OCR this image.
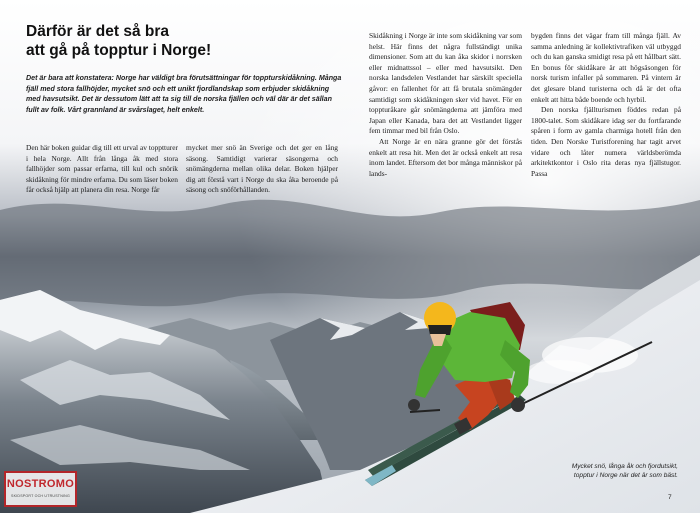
Därför är det så bra
att gå på topptur i Norge!

Det är bara att konstatera: Norge har väldigt bra förutsättningar för toppturskidåkning. Många fjäll med stora fallhöjder, mycket snö och ett unikt fjordlandskap som erbjuder skidåkning med havsutsikt. Det är dessutom lätt att ta sig till de norska fjällen och väl där är det sällan fullt av folk. Vårt grannland är svårslaget, helt enkelt.

Den här boken guidar dig till ett urval av topptturer i hela Norge. Allt från långa åk med stora fallhöjder som passar erfarna, till kul och snörik skidåkning för mindre erfarna. Du som läser boken får också hjälp att planera din resa. Norge får

mycket mer snö än Sverige och det ger en lång säsong. Samtidigt varierar säsongerna och snömängderna mellan olika delar. Boken hjälper dig att förstå vart i Norge du ska åka beroende på säsong och snöförhållanden.

Skidåkning i Norge är inte som skidåkning var som helst. Här finns det några fullständigt unika dimensioner. Som att du kan åka skidor i norrsken eller midnattssol – eller med havsutsikt. Den norska landsdelen Vestlandet har särskilt speciella gåvor: en fallenhet för att få brutala snömängder samtidigt som skidåkningen sker vid havet. För en toppturåkare går snömängderna att jämföra med Japan eller Kanada, bara det att Vestlandet ligger fem timmar med bil från Oslo.

Att Norge är en nära granne gör det förstås enkelt att resa hit. Men det är också enkelt att resa inom landet. Eftersom det bor många människor på lands-

bygden finns det vägar fram till många fjäll. Av samma anledning är kollektivtrafiken väl utbyggd och du kan ganska smidigt resa på ett hållbart sätt. En bonus för skidåkare är att högsäsongen för norsk turism infaller på sommaren. På vintern är det glesare bland turisterna och då är det ofta enkelt att hitta både boende och hyrbil.

Den norska fjällturismen föddes redan på 1800-talet. Som skidåkare idag ser du fortfarande spåren i form av gamla charmiga hotell från den tiden. Den Norske Turistforening har tagit arvet vidare och låter numera världsberömda arkitektkontor i Oslo rita deras nya fjällstugor. Passa

Mycket snö, långa åk och fjordutsikt, topptur i Norge när det är som bäst.

7
NOSTROMO
SKIDSPORT OCH UTRUSTNING
